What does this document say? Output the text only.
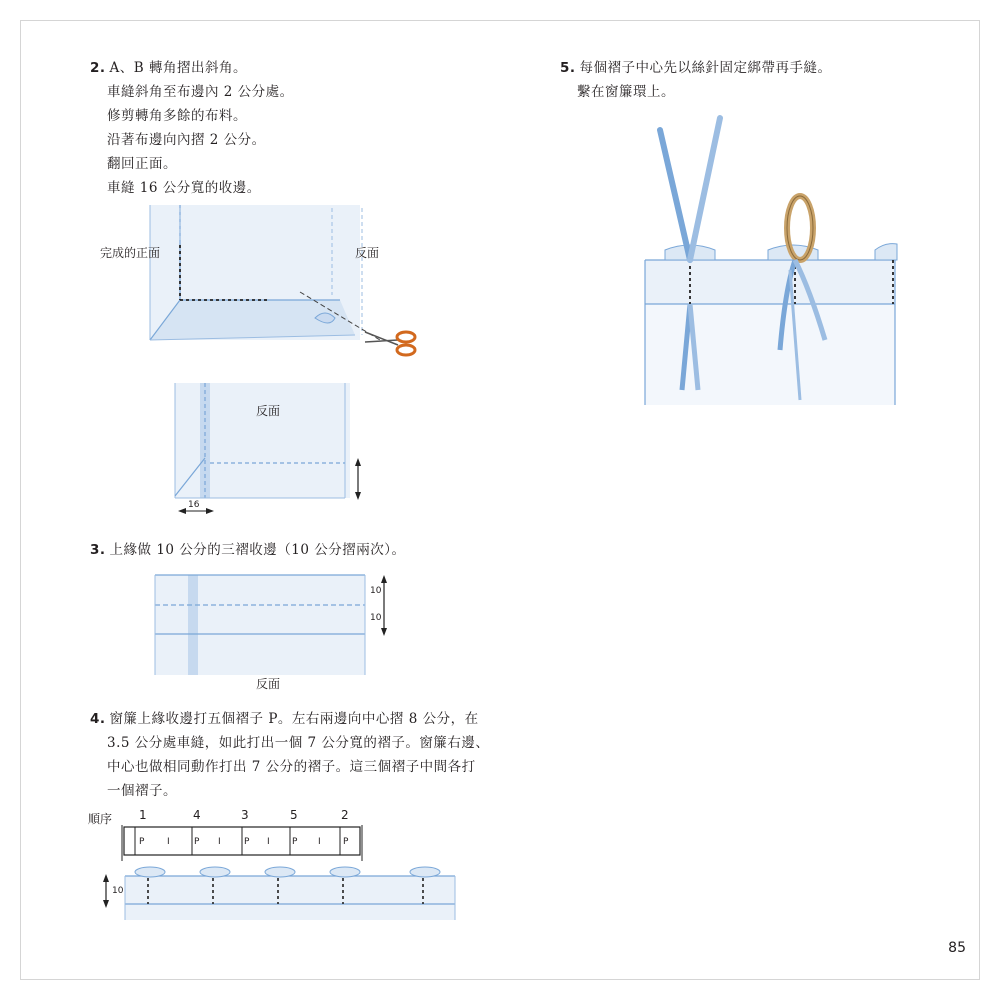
2. A、B 轉角摺出斜角。
車縫斜角至布邊內 2 公分處。
修剪轉角多餘的布料。
沿著布邊向內摺 2 公分。
翻回正面。
車縫 16 公分寬的收邊。
完成的正面	反面
反面
16
3. 上緣做 10 公分的三褶收邊（10 公分摺兩次）。
10
10
反面
4. 窗簾上緣收邊打五個褶子 P。左右兩邊向中心摺 8 公分，在
3.5 公分處車縫，如此打出一個 7 公分寬的褶子。窗簾右邊、
中心也做相同動作打出 7 公分的褶子。這三個褶子中間各打
一個褶子。
順序 1	4	3	5	2
P	I	P I	P I P I P
10
5. 每個褶子中心先以絲針固定綁帶再手縫。
繫在窗簾環上。
85
